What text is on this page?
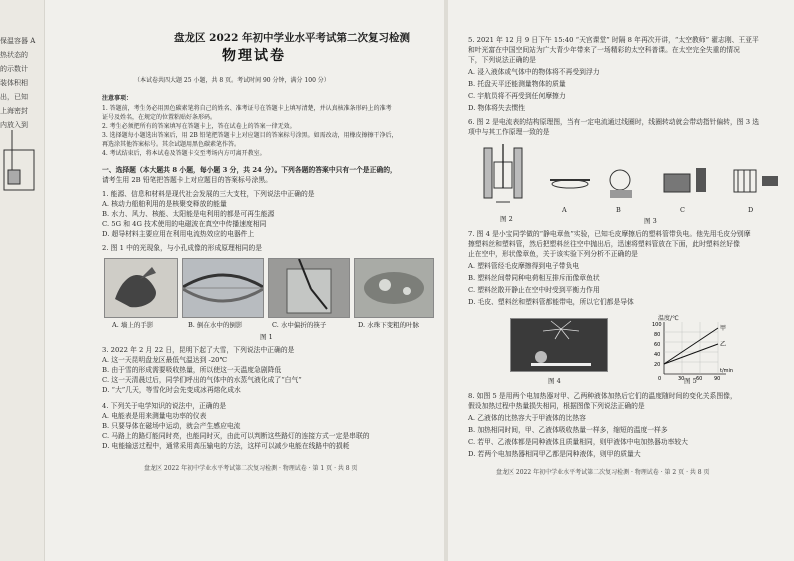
保温容器 A
热状态的
的示数计
装体积相
出，已知
上海密封
内放入到
盘龙区 2022 年初中学业水平考试第二次复习检测
物理试卷
（本试卷共四大题 25 小题，共 8 页。考试时间 90 分钟，满分 100 分）
注意事项：
1. 答题前，考生务必用黑色碳素笔将自己的姓名、准考证号在答题卡上填写清楚，并认真核准条形码上的准考
证号及姓名，在规定的位置粘贴好条形码。
2. 考生必须把所有的答案填写在答题卡上，答在试卷上的答案一律无效。
3. 选择题每小题选出答案后，用 2B 铅笔把答题卡上对应题目的答案标号涂黑。如需改动，用橡皮擦擦干净后，
再选涂其他答案标号。其余试题用黑色碳素笔作答。
4. 考试结束后，将本试卷及答题卡交至考场内方可离开教室。
一、选择题（本大题共 8 小题，每小题 3 分，共 24 分）。下列各题的答案中只有一个是正确的，
请考生用 2B 铅笔把答题卡上对应题目的答案标号涂黑。
1. 能源、信息和材料是现代社会发展的三大支柱，下列说法中正确的是
A. 核动力船舶利用的是核聚变释放的能量
B. 水力、风力、核能、太阳能是电利用的都是可再生能源
C. 5G 和 4G 技术使用的电磁波在真空中传播速度相同
D. 超导材料主要应用在利用电流热效应的电器件上
2. 图 1 中的光现象，与小孔成像的形成原理相同的是
A. 墙上的手影	B. 倒在水中的倒影	C. 水中偏折的筷子	D. 水珠下变粗的叶脉
图 1
3. 2022 年 2 月 22 日，昆明下起了大雪，下列说法中正确的是
A. 这一天昆明盘龙区最低气温达到 -20℃
B. 由于雪的形成需要吸收热量，所以使这一天温度急剧降低
C. 这一天清晨过后，同学们呼出的气体中的水蒸气液化成了“白气”
D. “大”几天，等雪化时会先变成冰再熔化成水
4. 下列关于电学知识的说法中，正确的是
A. 电能表是用来测量电功率的仪表
B. 只要导体在磁场中运动，就会产生感应电流
C. 马路上的路灯能同时亮，也能同时灭，由此可以判断这些路灯的连接方式一定是串联的
D. 电能输送过程中，通常采用高压输电的方法，这样可以减少电能在线路中的损耗
盘龙区 2022 年初中学业水平考试第二次复习检测 · 物理试卷 · 第 1 页 · 共 8 页
5. 2021 年 12 月 9 日下午 15:40 “天宫课堂” 时隔 8 年再次开讲，“太空教师” 翟志刚、王亚平
和叶光富在中国空间站为广大青少年带来了一场精彩的太空科普课。在太空完全失重的情况
下，下列说法正确的是
A. 浸入液体或气体中的物体将不再受到浮力
B. 托盘天平还能测量物体的质量
C. 宇航员将不再受到任何摩擦力
D. 物体将失去惯性
6. 图 2 是电流表的结构原理图，当有一定电流通过线圈时，线圈转动就会带动指针偏转，图 3 选
项中与其工作原理一致的是
图 2
A	B	C	D
图 3
7. 图 4 是小宝同学做的“静电章鱼”实验，已知毛皮摩擦后的塑料管带负电。他先用毛皮分别摩
擦塑料丝和塑料管，然后把塑料丝往空中抛出后，迅速将塑料管放在下面，此时塑料丝好像
止在空中，形状像章鱼，关于该实验下列分析不正确的是
A. 塑料管经毛皮摩擦得到电子带负电
B. 塑料丝间带同种电荷相互排斥而像章鱼状
C. 塑料丝散开静止在空中时受到平衡力作用
D. 毛皮、塑料丝和塑料管都能带电，所以它们都是导体
图 4
温度/℃
100
80
60
40
20
0	30 60 90
t/min
甲
乙
图 5
8. 如图 5 是用两个电加热器对甲、乙两种液体加热后它们的温度随时间的变化关系图像，
假设加热过程中热量损失相同，根据图像下列说法正确的是
A. 乙液体的比热容大于甲液体的比热容
B. 加热相同时间，甲、乙液体吸收热量一样多，缩短的温度一样多
C. 若甲、乙液体都是同种液体且质量相同，则甲液体中电加热器功率较大
D. 若两个电加热器相同甲乙都是同种液体，则甲的质量大
盘龙区 2022 年初中学业水平考试第二次复习检测 · 物理试卷 · 第 2 页 · 共 8 页
